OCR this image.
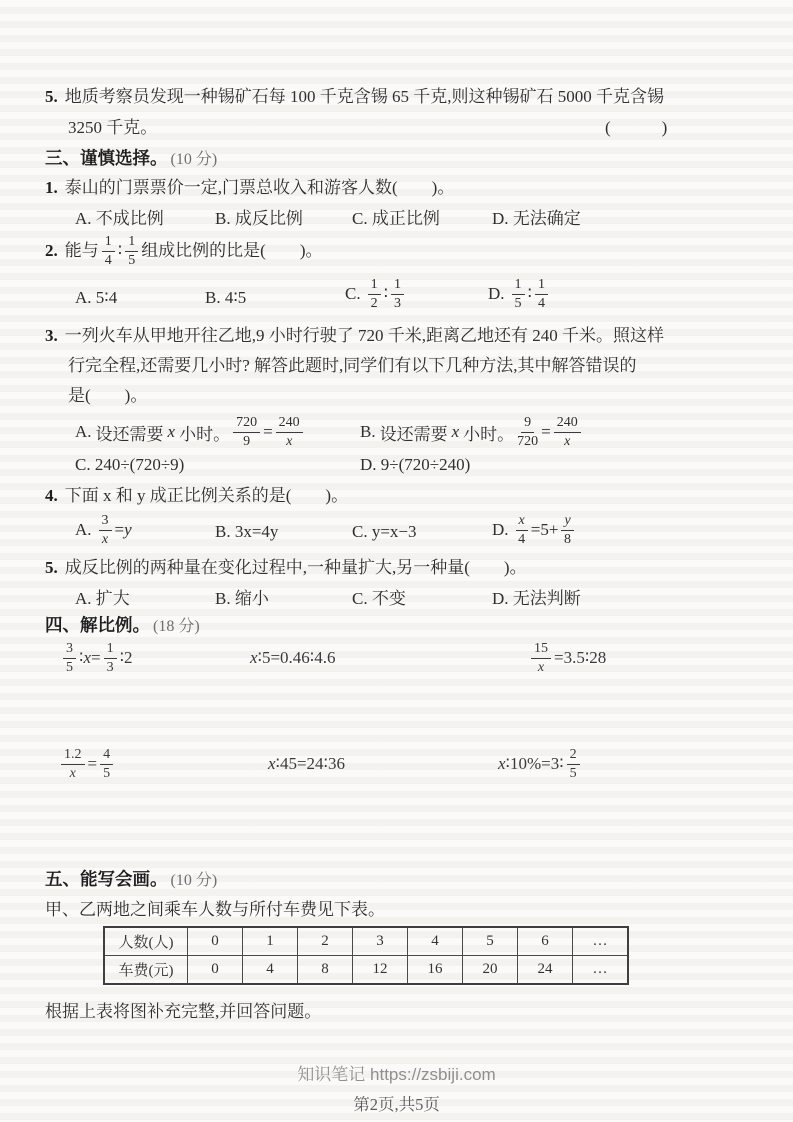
5. 地质考察员发现一种锡矿石每 100 千克含锡 65 千克,则这种锡矿石 5000 千克含锡
3250 千克。	(　　　)
三、谨慎选择。 (10 分)
1. 泰山的门票票价一定,门票总收入和游客人数(　　)。
A. 不成比例	B. 成反比例	C. 成正比例	D. 无法确定
2. 能与 $\frac{1}{4}$ ∶ $\frac{1}{5}$ 组成比例的比是(　　)。
A. 5∶4	B. 4∶5	C. $\frac{1}{2}$ ∶ $\frac{1}{3}$	D. $\frac{1}{5}$ ∶ $\frac{1}{4}$
3. 一列火车从甲地开往乙地,9 小时行驶了 720 千米,距离乙地还有 240 千米。照这样
行完全程,还需要几小时? 解答此题时,同学们有以下几种方法,其中解答错误的
是(　　)。
A. 设还需要 x 小时。 $\frac{720}{9} = \frac{240}{x}$	B. 设还需要 x 小时。 $\frac{9}{720} = \frac{240}{x}$
C. 240÷(720÷9)	D. 9÷(720÷240)
4. 下面 x 和 y 成正比例关系的是(　　)。
A. $\frac{3}{x} = y$	B. 3x=4y	C. y=x−3	D. $\frac{x}{4} =5+ \frac{y}{8}$
5. 成反比例的两种量在变化过程中,一种量扩大,另一种量(　　)。
A. 扩大	B. 缩小	C. 不变	D. 无法判断
四、解比例。 (18 分)
$\frac{3}{5}$ ∶ $x = \frac{1}{3}$ ∶2	x ∶5=0.46∶4.6	$\frac{15}{x}$ =3.5∶28
$\frac{1.2}{x} = \frac{4}{5}$	x ∶45=24∶36	x ∶10%=3∶ $\frac{2}{5}$
五、能写会画。 (10 分)
甲、乙两地之间乘车人数与所付车费见下表。
人数(人)	0	1	2	3	4	5	6	…
车费(元)	0	4	8	12	16	20	24	…
根据上表将图补充完整,并回答问题。
知识笔记 https://zsbiji.com
第2页,共5页
